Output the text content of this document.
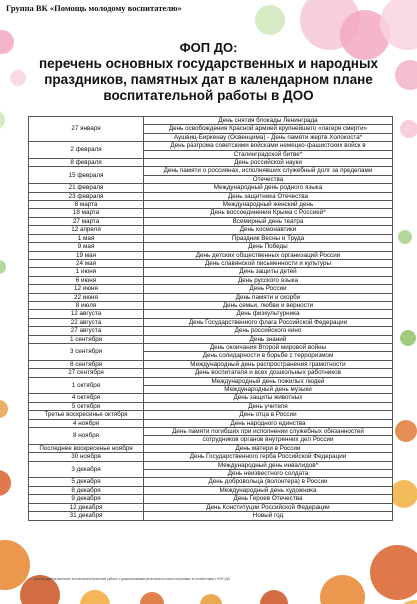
Группа ВК «Помощь молодому воспитателю»
ФОП ДО:
перечень основных государственных и народных
праздников, памятных дат в календарном плане
воспитательной работы в ДОО
27 января	День снятия блокады Ленинграда
	День освобождения Красной армией крупнейшего «лагеря смерти»
	Аушвиц-Биркенау (Освенцима) - День памяти жертв Холокоста*
2 февраля	День разгрома советскими войсками немецко-фашистских войск в
	Сталинградской битве*
8 февраля	День российской науки
15 февраля	День памяти о россиянах, исполнявших служебный долг за пределами
	Отечества
21 февраля	Международный день родного языка
23 февраля	День защитника Отечества
8 марта	Международный женский день
18 марта	День воссоединения Крыма с Россией*
27 марта	Всемирный день театра
12 апреля	День космонавтики
1 мая	Праздник Весны и Труда
9 мая	День Победы
19 мая	День детских общественных организаций России
24 мая	День славянской письменности и культуры
1 июня	День защиты детей
6 июня	День русского языка
12 июня	День России
22 июня	День памяти и скорби
8 июля	День семьи, любви и верности
12 августа	День физкультурника
22 августа	День Государственного флага Российской Федерации
27 августа	День российского кино
1 сентября	День знаний
3 сентября	День окончания Второй мировой войны
	День солидарности в борьбе с терроризмом
8 сентября	Международный день распространения грамотности
27 сентября	День воспитателя и всех дошкольных работников
1 октября	Международный день пожилых людей
	Международный день музыки
4 октября	День защиты животных
5 октября	День учителя
Третье воскресенье октября	День отца в России
4 ноября	День народного единства
8 ноября	День памяти погибших при исполнении служебных обязанностей
	сотрудников органов внутренних дел России
Последнее воскресенье ноября	День матери в России
30 ноября	День Государственного герба Российской Федерации
3 декабря	Международный день инвалидов*
	День неизвестного солдата
5 декабря	День добровольца (волонтера) в России
8 декабря	Международный день художника
9 декабря	День Героев Отечества
12 декабря	День Конституции Российской Федерации
31 декабря	Новый год
* - рекомендуется включать в план воспитательной работы с дошкольниками регионально и/или ситуативно в соответствии с ФОП ДО
